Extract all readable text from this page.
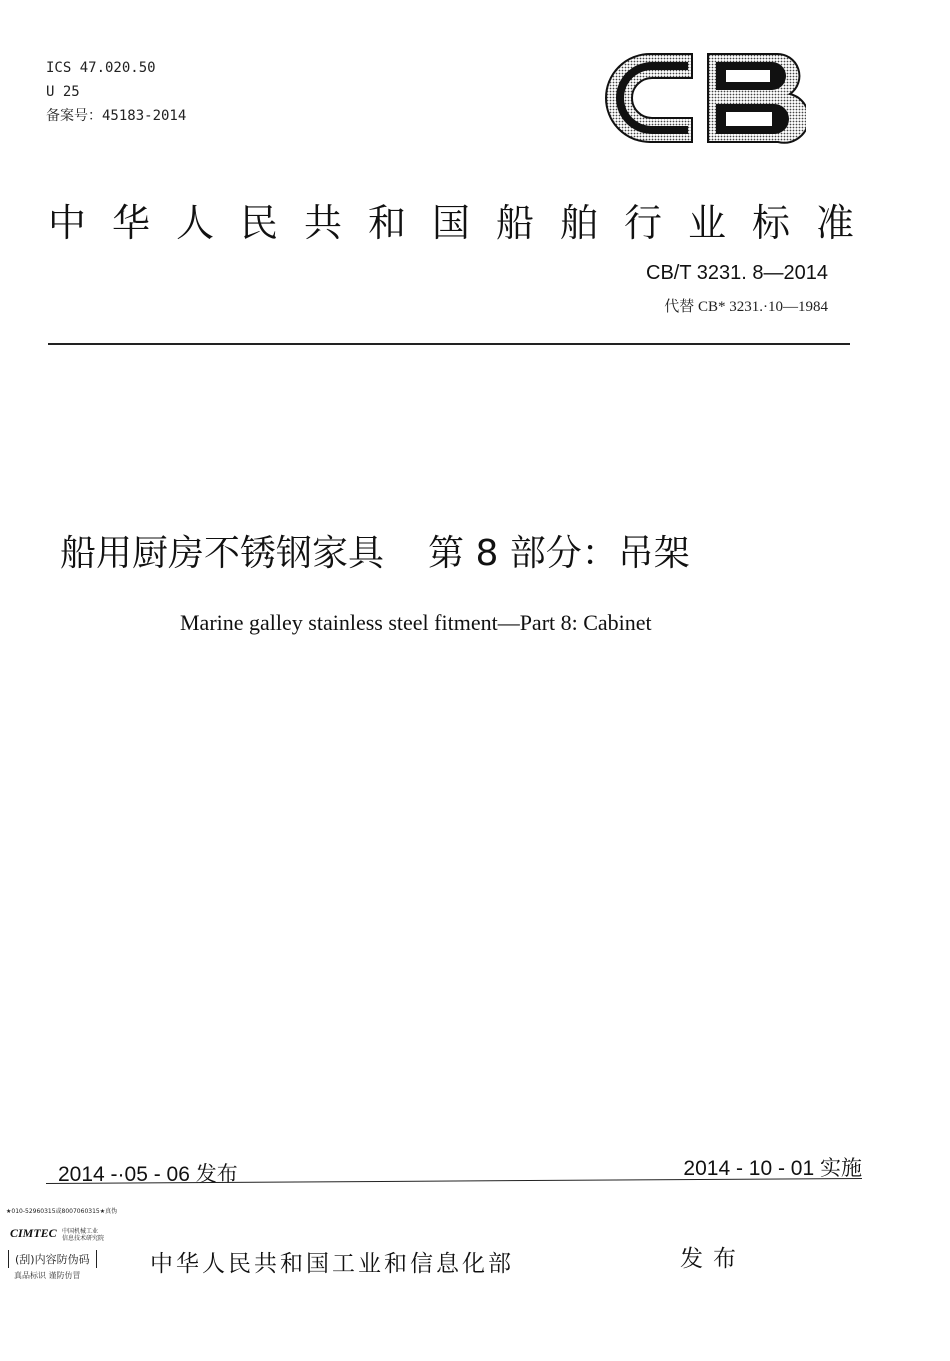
ICS 47.020.50
U 25
备案号：45183-2014
中华人民共和国船舶行业标准
CB/T 3231. 8—2014
代替 CB* 3231.·10—1984
船用厨房不锈钢家具 第 8 部分：吊架
Marine galley stainless steel fitment—Part 8: Cabinet
2014 -·05 - 06 发布	2014 - 10 - 01 实施
★010-52960315或8007060315★真伪
CIMTEC 中国机械工业
信息技术研究院
(刮)内容防伪码
真品标识 谨防仿冒	中华人民共和国工业和信息化部	发布
